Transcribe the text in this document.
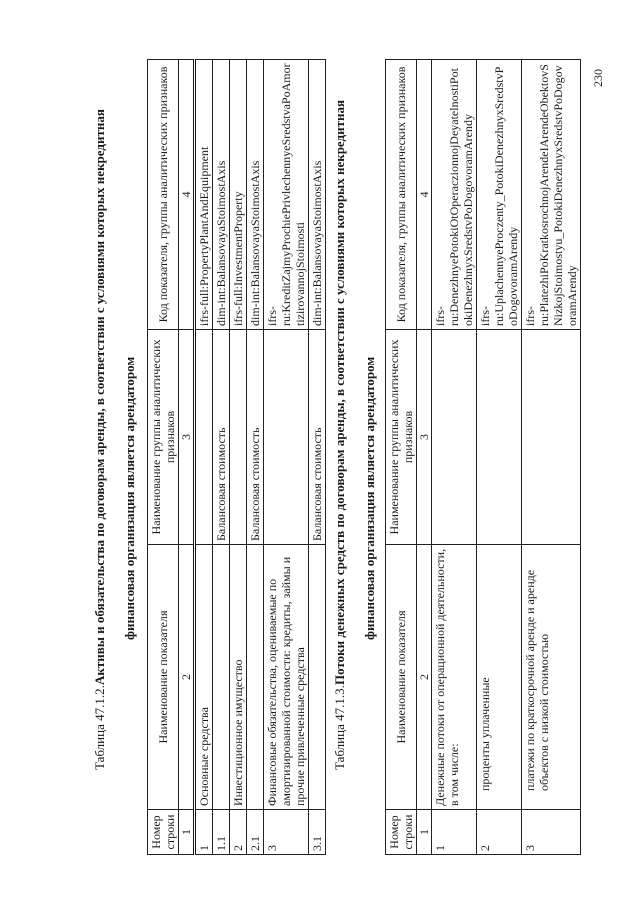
Таблица 47.1.2.
Активы и обязательства по договорам аренды, в соответствии с условиями которых некредитная финансовая организация является арендатором
Номер строки	Наименование показателя	Наименование группы аналитических признаков	Код показателя, группы аналитических признаков
1	2	3	4
1	Основные средства		ifrs-full:PropertyPlantAndEquipment
1.1		Балансовая стоимость	dim-int:BalansovayaStoimostAxis
2	Инвестиционное имущество		ifrs-full:InvestmentProperty
2.1		Балансовая стоимость	dim-int:BalansovayaStoimostAxis
3	Финансовые обязательства, оцениваемые по амортизированной стоимости: кредиты, займы и прочие привлеченные средства		ifrs-ru:KreditZajmyProchiePrivlechennyeSredstvaPoAmortizirovannojStoimosti
3.1		Балансовая стоимость	dim-int:BalansovayaStoimostAxis
Таблица 47.1.3.
Потоки денежных средств по договорам аренды, в соответствии с условиями которых некредитная финансовая организация является арендатором
Номер строки	Наименование показателя	Наименование группы аналитических признаков	Код показателя, группы аналитических признаков
1	2	3	4
1	Денежные потоки от операционной деятельности, в том числе:		ifrs-ru:DenezhnyePotokiOtOperaczionnojDeyatelnostiPotokiDenezhnyxSredstvPoDogovoramArendy
2	проценты уплаченные		ifrs-ru:UplachennyeProczenty_PotokiDenezhnyxSredstvPoDogovoramArendy
3	платежи по краткосрочной аренде и аренде объектов с низкой стоимостью		ifrs-ru:PlatezhiPoKratkosrochnojArendeIArendeObektovSNizkojStoimostyu_PotokiDenezhnyxSredstvPoDogovoramArendy
230
